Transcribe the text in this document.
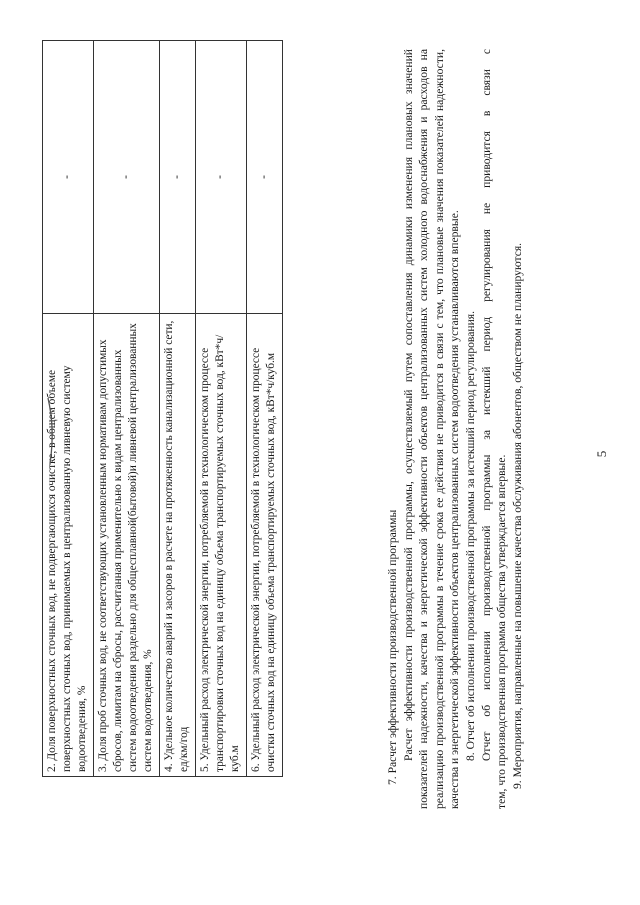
5
2. Доля поверхностных сточных вод, не подвергающихся очистке, в общем объеме поверхностных сточных вод, принимаемых в централизованную ливневую систему водоотведения, %	-
3. Доля проб сточных вод, не соответствующих установленным нормативам допустимых сбросов, лимитам на сбросы, рассчитанная применительно к видам централизованных систем водоотведения раздельно для общесплавной(бытовой)и ливневой централизованных систем водоотведения, %	-
4. Удельное количество аварий и засоров в расчете на протяженность канализационной сети, ед/км/год	-
5. Удельный расход электрической энергии, потребляемой в технологическом процессе транспортировки сточных вод на единицу объема транспортируемых сточных вод, кВт*ч/куб.м	-
6. Удельный расход электрической энергии, потребляемой в технологическом процессе очистки сточных вод на единицу объема транспортируемых сточных вод, кВт*ч/куб.м	-

7. Расчет эффективности производственной программы Расчет эффективности производственной программы, осуществляемый путем сопоставления динамики изменения плановых значений показателей надежности, качества и энергетической эффективности объектов централизованных систем холодного водоснабжения и расходов на реализацию производственной программы в течение срока ее действия не приводится в связи с тем, что плановые значения показателей надежности, качества и энергетической эффективности объектов централизованных систем водоотведения устанавливаются впервые. 8. Отчет об исполнении производственной программы за истекший период регулирования. Отчет об исполнении производственной программы за истекший период регулирования не приводится в связи с тем, что производственная программа общества утверждается впервые. 9. Мероприятия, направленные на повышение качества обслуживания абонентов, обществом не планируются.
